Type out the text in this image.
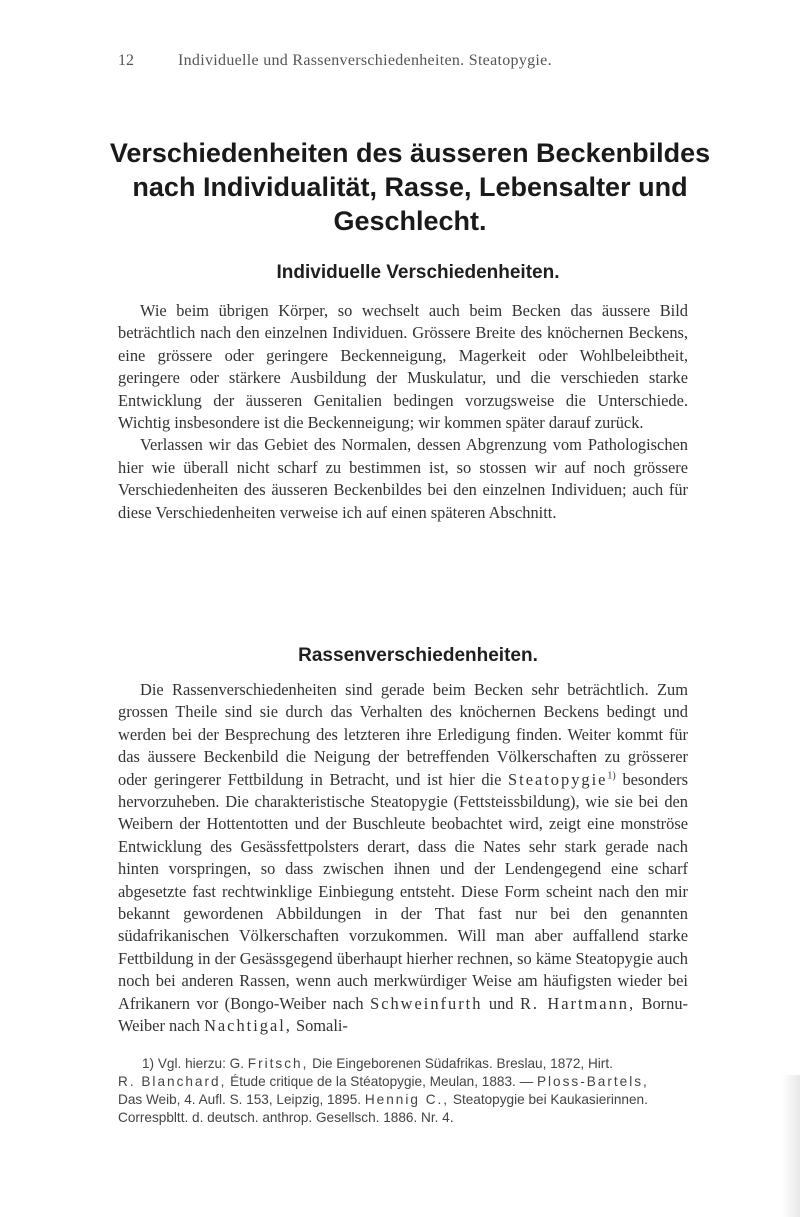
12	Individuelle und Rassenverschiedenheiten. Steatopygie.
Verschiedenheiten des äusseren Beckenbildes
nach Individualität, Rasse, Lebensalter und Geschlecht.
Individuelle Verschiedenheiten.

Wie beim übrigen Körper, so wechselt auch beim Becken das äussere Bild beträchtlich nach den einzelnen Individuen. Grössere Breite des knöchernen Beckens, eine grössere oder geringere Beckenneigung, Magerkeit oder Wohlbeleibtheit, geringere oder stärkere Ausbildung der Muskulatur, und die verschieden starke Entwicklung der äusseren Genitalien bedingen vorzugsweise die Unterschiede. Wichtig insbesondere ist die Beckenneigung; wir kommen später darauf zurück.

Verlassen wir das Gebiet des Normalen, dessen Abgrenzung vom Pathologischen hier wie überall nicht scharf zu bestimmen ist, so stossen wir auf noch grössere Verschiedenheiten des äusseren Beckenbildes bei den einzelnen Individuen; auch für diese Verschiedenheiten verweise ich auf einen späteren Abschnitt.

Rassenverschiedenheiten.

Die Rassenverschiedenheiten sind gerade beim Becken sehr beträchtlich. Zum grossen Theile sind sie durch das Verhalten des knöchernen Beckens bedingt und werden bei der Besprechung des letzteren ihre Erledigung finden. Weiter kommt für das äussere Beckenbild die Neigung der betreffenden Völkerschaften zu grösserer oder geringerer Fettbildung in Betracht, und ist hier die Steatopygie$^{1)}$ besonders hervorzuheben. Die charakteristische Steatopygie (Fettsteissbildung), wie sie bei den Weibern der Hottentotten und der Buschleute beobachtet wird, zeigt eine monströse Entwicklung des Gesässfettpolsters derart, dass die Nates sehr stark gerade nach hinten vorspringen, so dass zwischen ihnen und der Lendengegend eine scharf abgesetzte fast rechtwinklige Einbiegung entsteht. Diese Form scheint nach den mir bekannt gewordenen Abbildungen in der That fast nur bei den genannten südafrikanischen Völkerschaften vorzukommen. Will man aber auffallend starke Fettbildung in der Gesässgegend überhaupt hierher rechnen, so käme Steatopygie auch noch bei anderen Rassen, wenn auch merkwürdiger Weise am häufigsten wieder bei Afrikanern vor (Bongo-Weiber nach Schweinfurth und R. Hartmann, Bornu-Weiber nach Nachtigal, Somali-

1) Vgl. hierzu: G. Fritsch, Die Eingeborenen Südafrikas. Breslau, 1872, Hirt.

R. Blanchard, Étude critique de la Stéatopygie, Meulan, 1883. — Ploss-Bartels,

Das Weib, 4. Aufl. S. 153, Leipzig, 1895. Hennig C., Steatopygie bei Kaukasierinnen.

Correspbltt. d. deutsch. anthrop. Gesellsch. 1886. Nr. 4.
